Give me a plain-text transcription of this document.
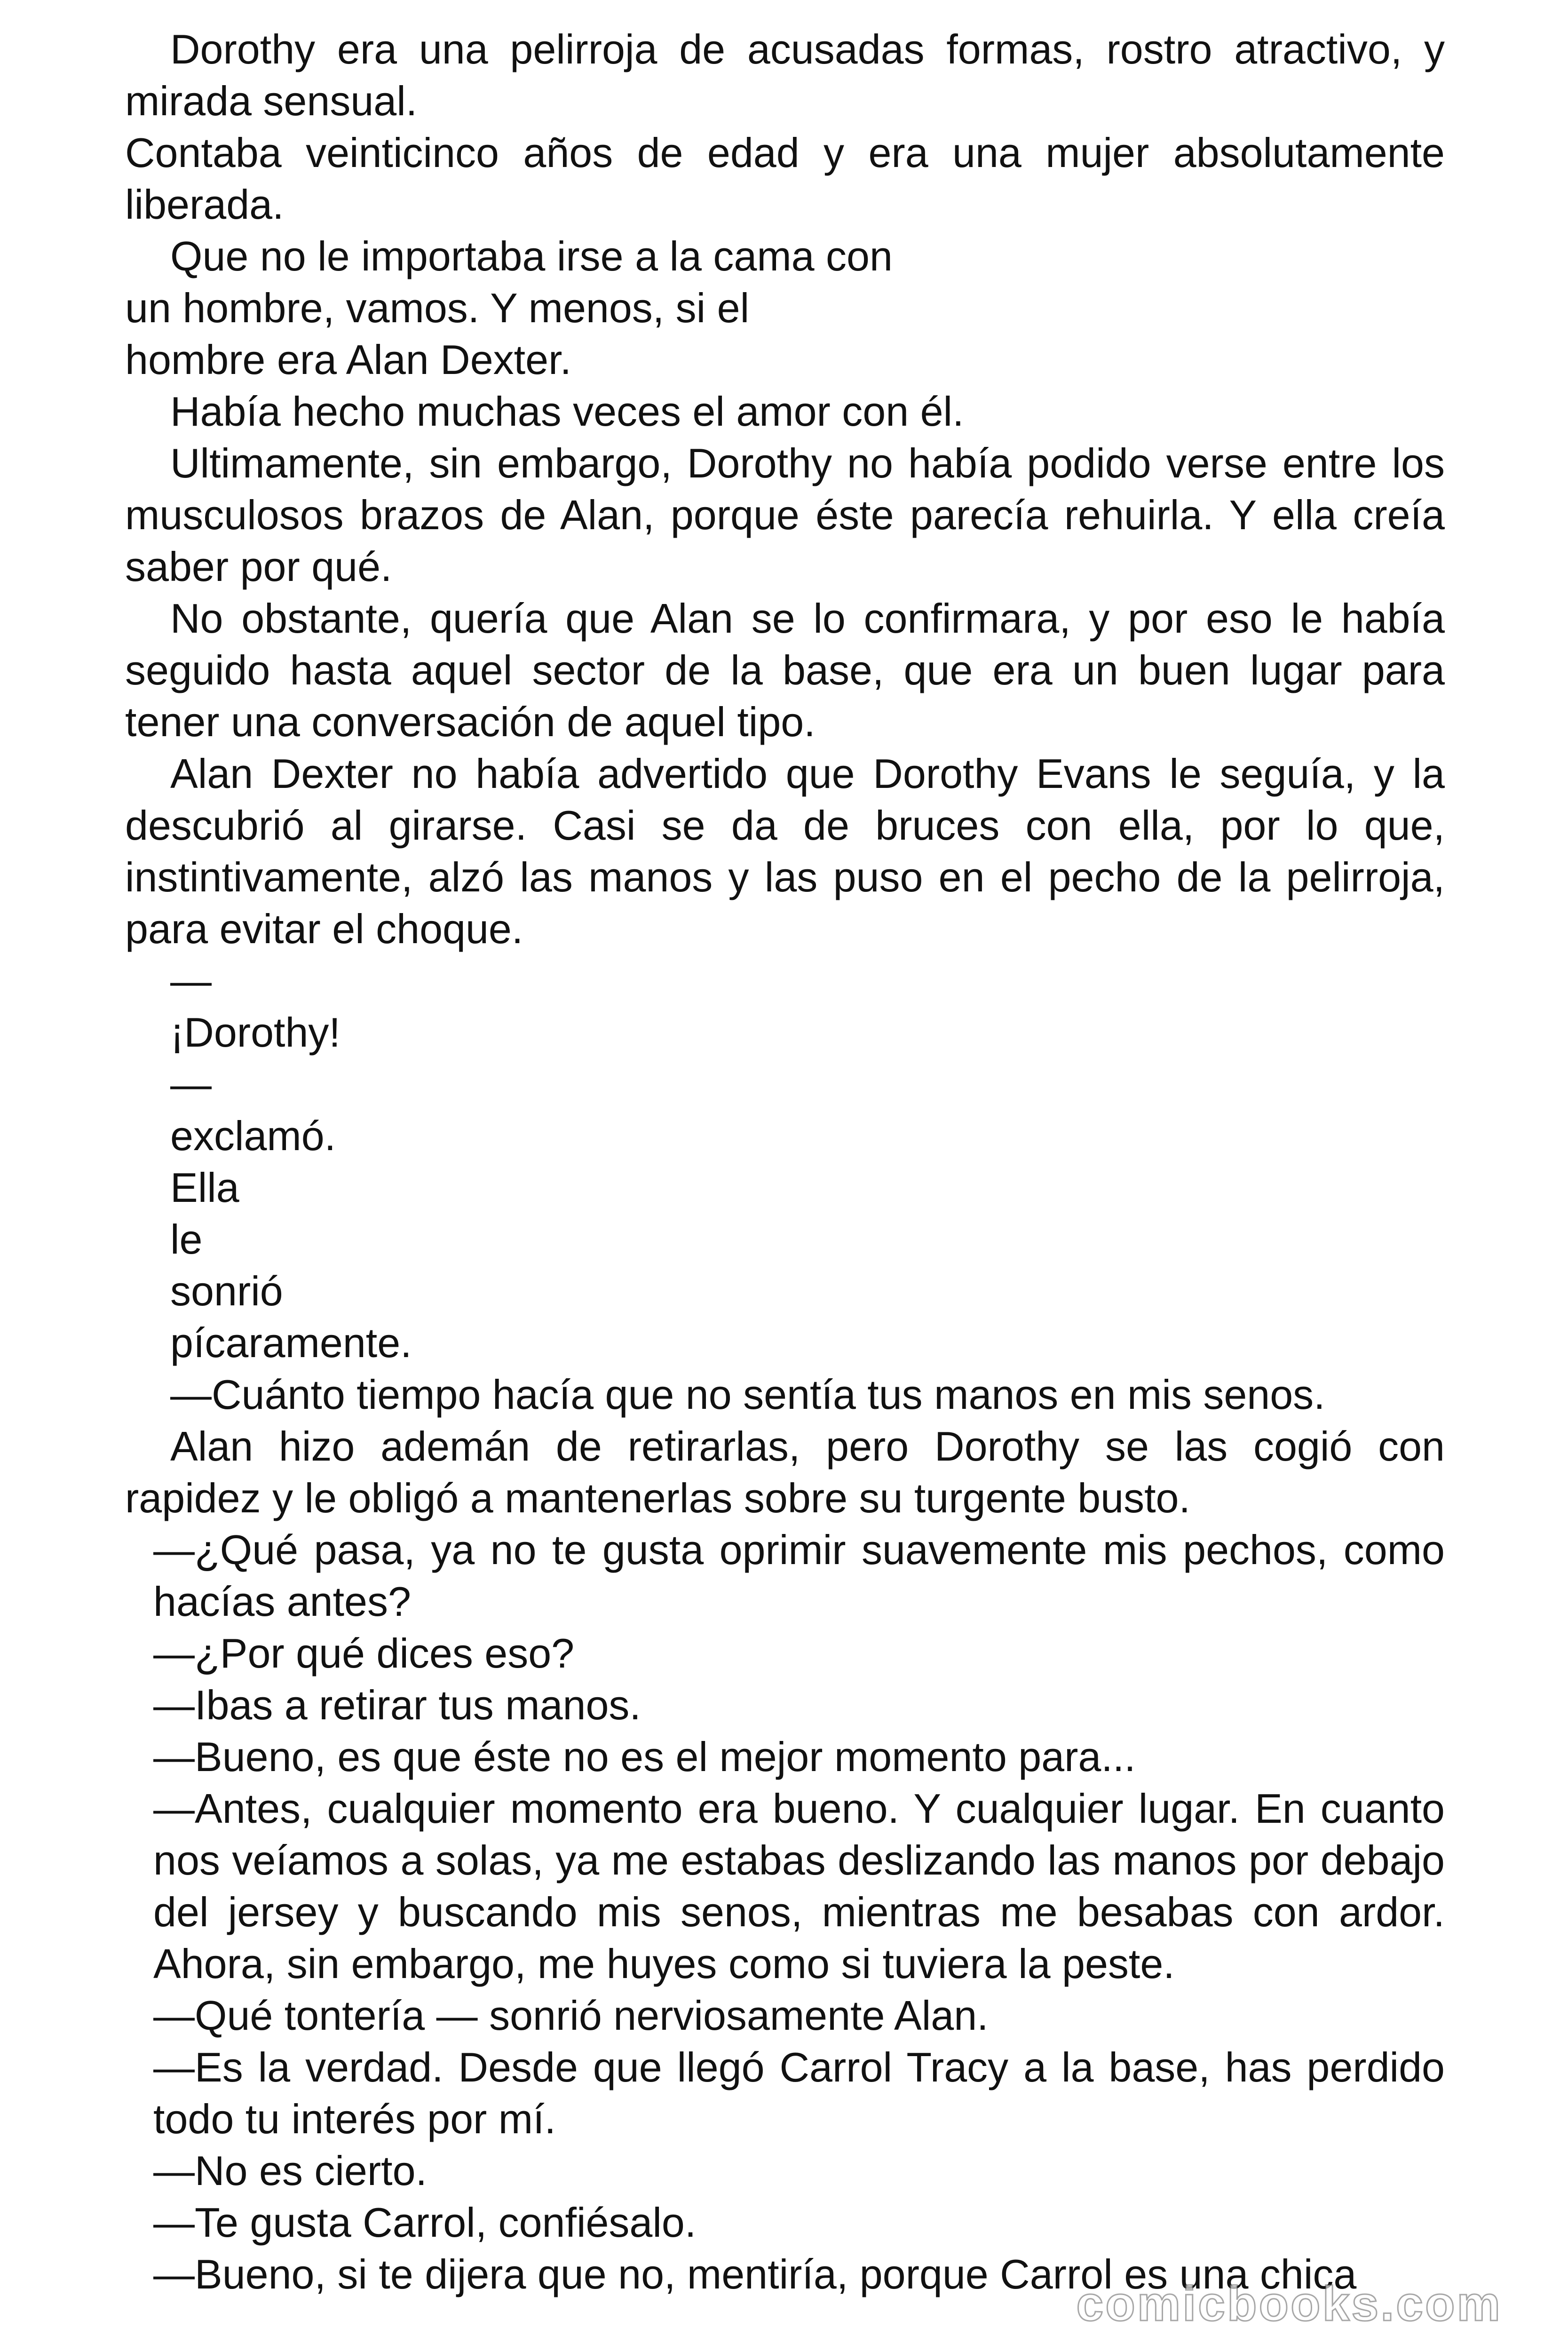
Dorothy era una pelirroja de acusadas formas, rostro atractivo, y mirada sensual.

Contaba veinticinco años de edad y era una mujer absolutamente liberada.

Que no le importaba irse a la cama con un hombre, vamos. Y menos, si el hombre era Alan Dexter.

Había hecho muchas veces el amor con él.

Ultimamente, sin embargo, Dorothy no había podido verse entre los musculosos brazos de Alan, porque éste parecía rehuirla. Y ella creía saber por qué.

No obstante, quería que Alan se lo confirmara, y por eso le había seguido hasta aquel sector de la base, que era un buen lugar para tener una conversación de aquel tipo.

Alan Dexter no había advertido que Dorothy Evans le seguía, y la descubrió al girarse. Casi se da de bruces con ella, por lo que, instintivamente, alzó las manos y las puso en el pecho de la pelirroja, para evitar el choque.

—

¡Dorothy!

—

exclamó.

Ella

le

sonrió

pícaramente.

—Cuánto tiempo hacía que no sentía tus manos en mis senos.

Alan hizo ademán de retirarlas, pero Dorothy se las cogió con rapidez y le obligó a mantenerlas sobre su turgente busto.

—¿Qué pasa, ya no te gusta oprimir suavemente mis pechos, como hacías antes?

—¿Por qué dices eso?

—Ibas a retirar tus manos.

—Bueno, es que éste no es el mejor momento para...

—Antes, cualquier momento era bueno. Y cualquier lugar. En cuanto nos veíamos a solas, ya me estabas deslizando las manos por debajo del jersey y buscando mis senos, mientras me besabas con ardor. Ahora, sin embargo, me huyes como si tuviera la peste.

—Qué tontería — sonrió nerviosamente Alan.

—Es la verdad. Desde que llegó Carrol Tracy a la base, has perdido todo tu interés por mí.

—No es cierto.

—Te gusta Carrol, confiésalo.

—Bueno, si te dijera que no, mentiría, porque Carrol es una chica

comicbooks.com
